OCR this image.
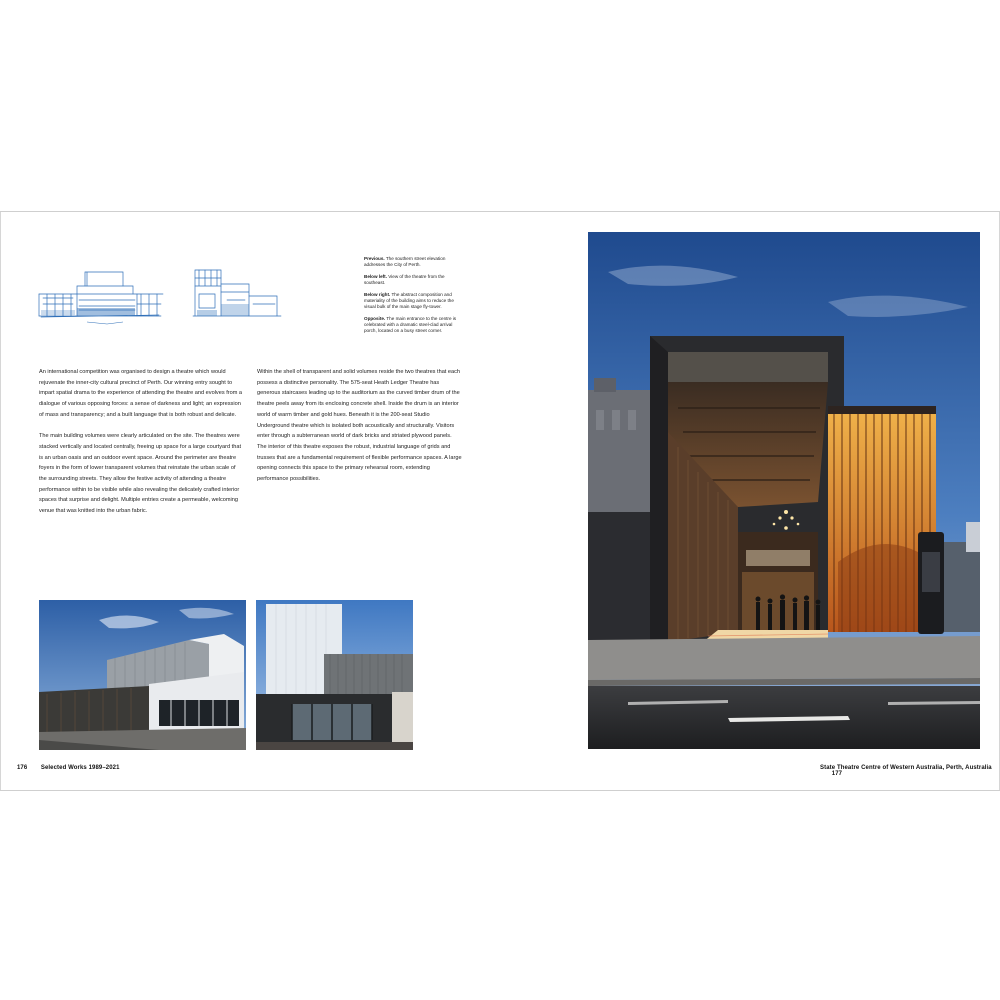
Previous. The southern street elevation addresses the City of Perth.

Below left. View of the theatre from the southeast.

Below right. The abstract composition and materiality of the building aims to reduce the visual bulk of the main stage fly-tower.

Opposite. The main entrance to the centre is celebrated with a dramatic steel-clad arrival porch, located on a busy street corner.

An international competition was organised to design a theatre which would rejuvenate the inner-city cultural precinct of Perth. Our winning entry sought to impart spatial drama to the experience of attending the theatre and evolves from a dialogue of various opposing forces: a sense of darkness and light; an expression of mass and transparency; and a built language that is both robust and delicate.

The main building volumes were clearly articulated on the site. The theatres were stacked vertically and located centrally, freeing up space for a large courtyard that is an urban oasis and an outdoor event space. Around the perimeter are theatre foyers in the form of lower transparent volumes that reinstate the urban scale of the surrounding streets. They allow the festive activity of attending a theatre performance within to be visible while also revealing the delicately crafted interior spaces that surprise and delight. Multiple entries create a permeable, welcoming venue that was knitted into the urban fabric.

Within the shell of transparent and solid volumes reside the two theatres that each possess a distinctive personality. The 575-seat Heath Ledger Theatre has generous staircases leading up to the auditorium as the curved timber drum of the theatre peels away from its enclosing concrete shell. Inside the drum is an interior world of warm timber and gold hues. Beneath it is the 200-seat Studio Underground theatre which is isolated both acoustically and structurally. Visitors enter through a subterranean world of dark bricks and striated plywood panels. The interior of this theatre exposes the robust, industrial language of grids and trusses that are a fundamental requirement of flexible performance spaces. A large opening connects this space to the primary rehearsal room, extending performance possibilities.

176 Selected Works 1989–2021	State Theatre Centre of Western Australia, Perth, Australia  177
